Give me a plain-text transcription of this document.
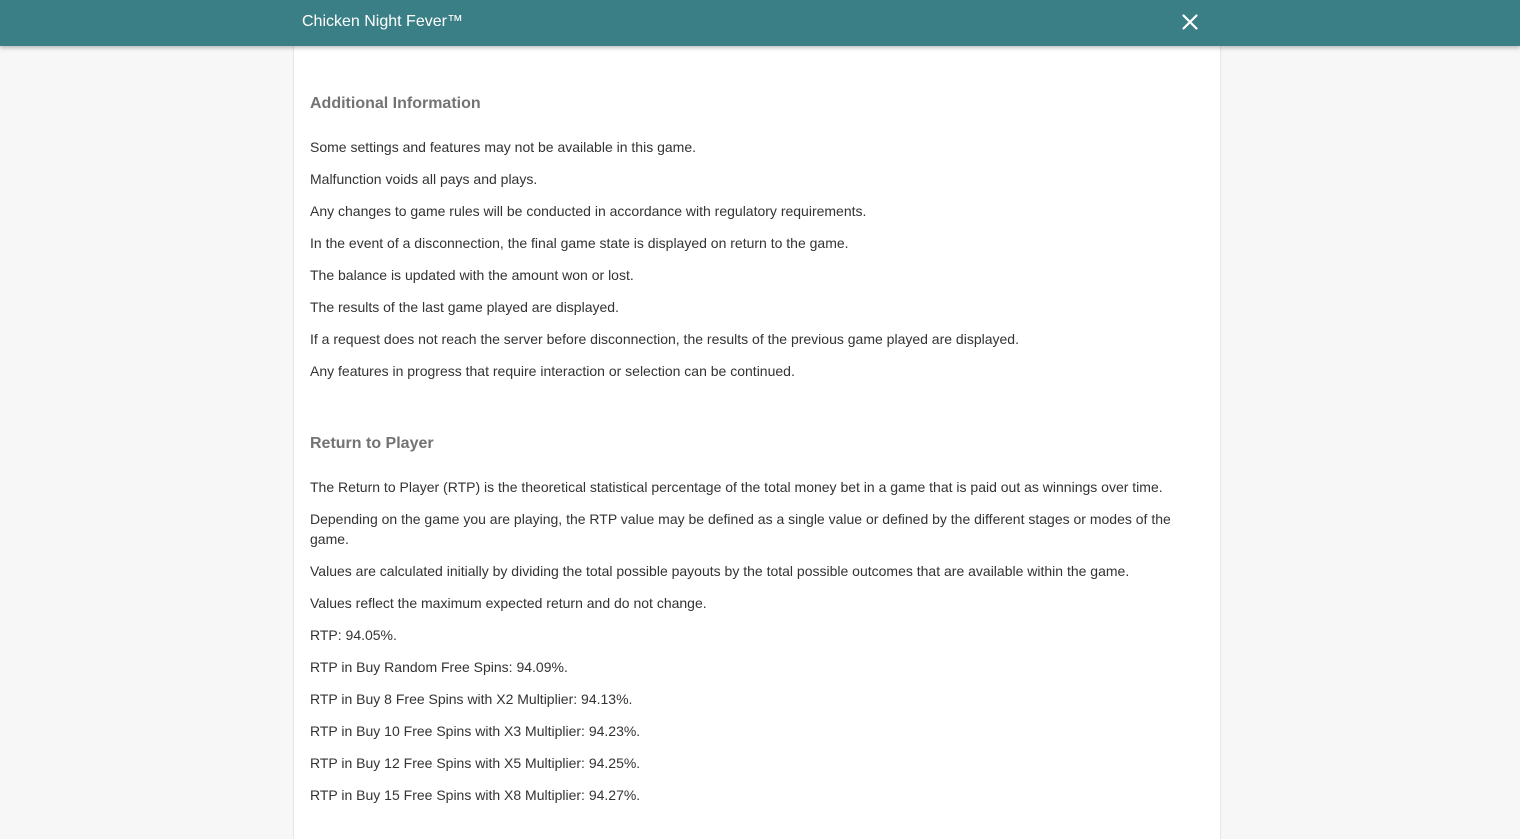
Chicken Night Fever™
Additional Information

Some settings and features may not be available in this game.

Malfunction voids all pays and plays.

Any changes to game rules will be conducted in accordance with regulatory requirements.

In the event of a disconnection, the final game state is displayed on return to the game.

The balance is updated with the amount won or lost.

The results of the last game played are displayed.

If a request does not reach the server before disconnection, the results of the previous game played are displayed.

Any features in progress that require interaction or selection can be continued.

Return to Player

The Return to Player (RTP) is the theoretical statistical percentage of the total money bet in a game that is paid out as winnings over time.

Depending on the game you are playing, the RTP value may be defined as a single value or defined by the different stages or modes of the game.

Values are calculated initially by dividing the total possible payouts by the total possible outcomes that are available within the game.

Values reflect the maximum expected return and do not change.

RTP: 94.05%.

RTP in Buy Random Free Spins: 94.09%.

RTP in Buy 8 Free Spins with X2 Multiplier: 94.13%.

RTP in Buy 10 Free Spins with X3 Multiplier: 94.23%.

RTP in Buy 12 Free Spins with X5 Multiplier: 94.25%.

RTP in Buy 15 Free Spins with X8 Multiplier: 94.27%.
